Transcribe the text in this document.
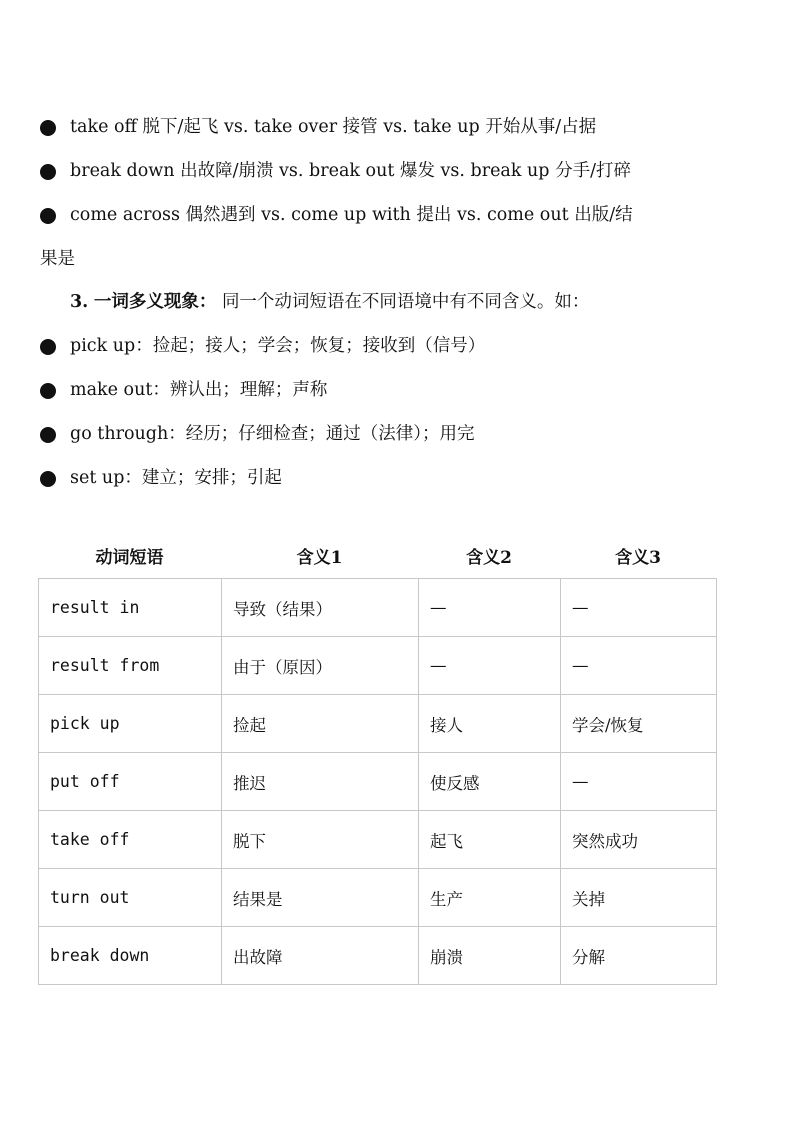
take off 脱下/起飞 vs. take over 接管 vs. take up 开始从事/占据
break down 出故障/崩溃 vs. break out 爆发 vs. break up 分手/打碎
come across 偶然遇到 vs. come up with 提出 vs. come out 出版/结
果是
3. 一词多义现象： 同一个动词短语在不同语境中有不同含义。如：
pick up：捡起；接人；学会；恢复；接收到（信号）
make out：辨认出；理解；声称
go through：经历；仔细检查；通过（法律）；用完
set up：建立；安排；引起
动词短语	含义1	含义2	含义3
result in	导致（结果）	—	—
result from	由于（原因）	—	—
pick up	捡起	接人	学会/恢复
put off	推迟	使反感	—
take off	脱下	起飞	突然成功
turn out	结果是	生产	关掉
break down	出故障	崩溃	分解
